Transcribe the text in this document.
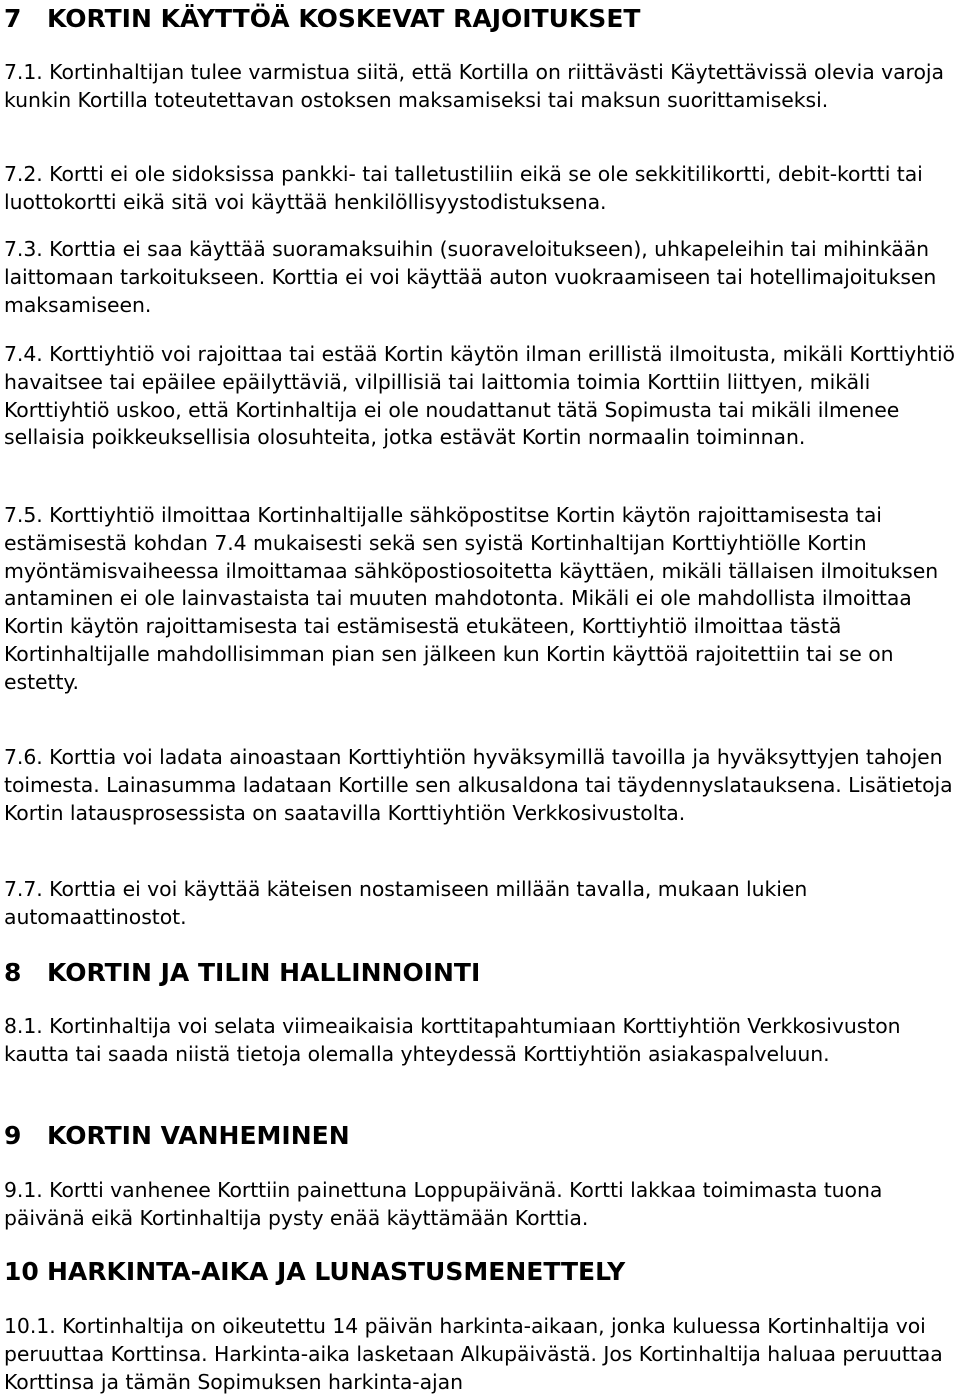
7	KORTIN KÄYTTÖÄ KOSKEVAT RAJOITUKSET

7.1. Kortinhaltijan tulee varmistua siitä, että Kortilla on riittävästi Käytettävissä olevia varoja kunkin Kortilla toteutettavan ostoksen maksamiseksi tai maksun suorittamiseksi.

7.2. Kortti ei ole sidoksissa pankki- tai talletustiliin eikä se ole sekkitilikortti, debit-kortti tai luottokortti eikä sitä voi käyttää henkilöllisyystodistuksena.

7.3. Korttia ei saa käyttää suoramaksuihin (suoraveloitukseen), uhkapeleihin tai mihinkään laittomaan tarkoitukseen. Korttia ei voi käyttää auton vuokraamiseen tai hotellimajoituksen maksamiseen.

7.4. Korttiyhtiö voi rajoittaa tai estää Kortin käytön ilman erillistä ilmoitusta, mikäli Korttiyhtiö havaitsee tai epäilee epäilyttäviä, vilpillisiä tai laittomia toimia Korttiin liittyen, mikäli Korttiyhtiö uskoo, että Kortinhaltija ei ole noudattanut tätä Sopimusta tai mikäli ilmenee sellaisia poikkeuksellisia olosuhteita, jotka estävät Kortin normaalin toiminnan.

7.5. Korttiyhtiö ilmoittaa Kortinhaltijalle sähköpostitse Kortin käytön rajoittamisesta tai estämisestä kohdan 7.4 mukaisesti sekä sen syistä Kortinhaltijan Korttiyhtiölle Kortin myöntämisvaiheessa ilmoittamaa sähköpostiosoitetta käyttäen, mikäli tällaisen ilmoituksen antaminen ei ole lainvastaista tai muuten mahdotonta. Mikäli ei ole mahdollista ilmoittaa Kortin käytön rajoittamisesta tai estämisestä etukäteen, Korttiyhtiö ilmoittaa tästä Kortinhaltijalle mahdollisimman pian sen jälkeen kun Kortin käyttöä rajoitettiin tai se on estetty.

7.6. Korttia voi ladata ainoastaan Korttiyhtiön hyväksymillä tavoilla ja hyväksyttyjen tahojen toimesta. Lainasumma ladataan Kortille sen alkusaldona tai täydennyslatauksena. Lisätietoja Kortin latausprosessista on saatavilla Korttiyhtiön Verkkosivustolta.

7.7. Korttia ei voi käyttää käteisen nostamiseen millään tavalla, mukaan lukien automaattinostot.

8	KORTIN JA TILIN HALLINNOINTI

8.1. Kortinhaltija voi selata viimeaikaisia korttitapahtumiaan Korttiyhtiön Verkkosivuston kautta tai saada niistä tietoja olemalla yhteydessä Korttiyhtiön asiakaspalveluun.

9	KORTIN VANHEMINEN

9.1. Kortti vanhenee Korttiin painettuna Loppupäivänä. Kortti lakkaa toimimasta tuona päivänä eikä Kortinhaltija pysty enää käyttämään Korttia.

10 HARKINTA-AIKA JA LUNASTUSMENETTELY

10.1. Kortinhaltija on oikeutettu 14 päivän harkinta-aikaan, jonka kuluessa Kortinhaltija voi peruuttaa Korttinsa. Harkinta-aika lasketaan Alkupäivästä. Jos Kortinhaltija haluaa peruuttaa Korttinsa ja tämän Sopimuksen harkinta-ajan
